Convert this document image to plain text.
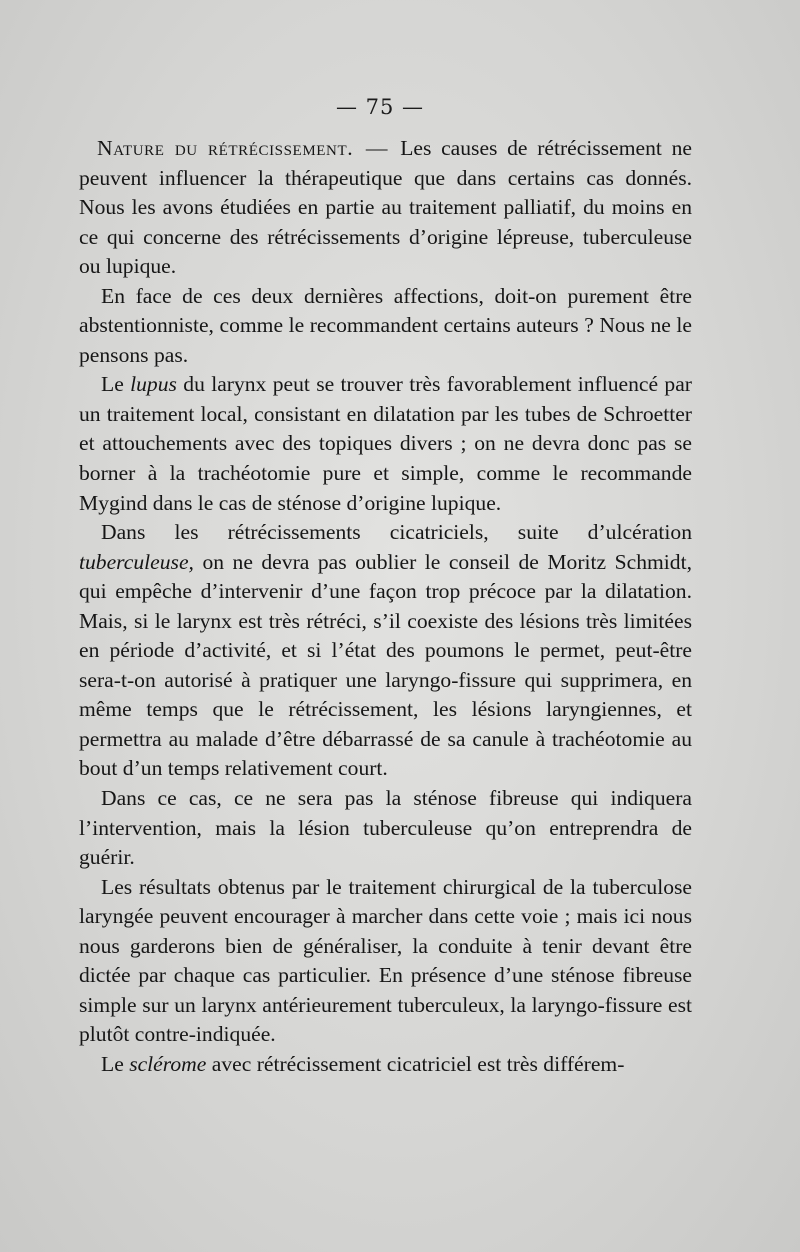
— 75 —

Nature du rétrécissement. — Les causes de rétrécissement ne peuvent influencer la thérapeutique que dans certains cas donnés. Nous les avons étudiées en partie au traitement palliatif, du moins en ce qui concerne des rétrécissements d’origine lépreuse, tuberculeuse ou lupique.

En face de ces deux dernières affections, doit-on purement être abstentionniste, comme le recommandent certains auteurs ? Nous ne le pensons pas.

Le lupus du larynx peut se trouver très favorablement influencé par un traitement local, consistant en dilatation par les tubes de Schroetter et attouchements avec des topiques divers ; on ne devra donc pas se borner à la trachéotomie pure et simple, comme le recommande Mygind dans le cas de sténose d’origine lupique.

Dans les rétrécissements cicatriciels, suite d’ulcération tuberculeuse, on ne devra pas oublier le conseil de Moritz Schmidt, qui empêche d’intervenir d’une façon trop précoce par la dilatation. Mais, si le larynx est très rétréci, s’il coexiste des lésions très limitées en période d’activité, et si l’état des poumons le permet, peut-être sera-t-on autorisé à pratiquer une laryngo-fissure qui supprimera, en même temps que le rétrécissement, les lésions laryngiennes, et permettra au malade d’être débarrassé de sa canule à trachéotomie au bout d’un temps relativement court.

Dans ce cas, ce ne sera pas la sténose fibreuse qui indiquera l’intervention, mais la lésion tuberculeuse qu’on entreprendra de guérir.

Les résultats obtenus par le traitement chirurgical de la tuberculose laryngée peuvent encourager à marcher dans cette voie ; mais ici nous nous garderons bien de généraliser, la conduite à tenir devant être dictée par chaque cas particulier. En présence d’une sténose fibreuse simple sur un larynx antérieurement tuberculeux, la laryngo-fissure est plutôt contre-indiquée.

Le sclérome avec rétrécissement cicatriciel est très différem-
